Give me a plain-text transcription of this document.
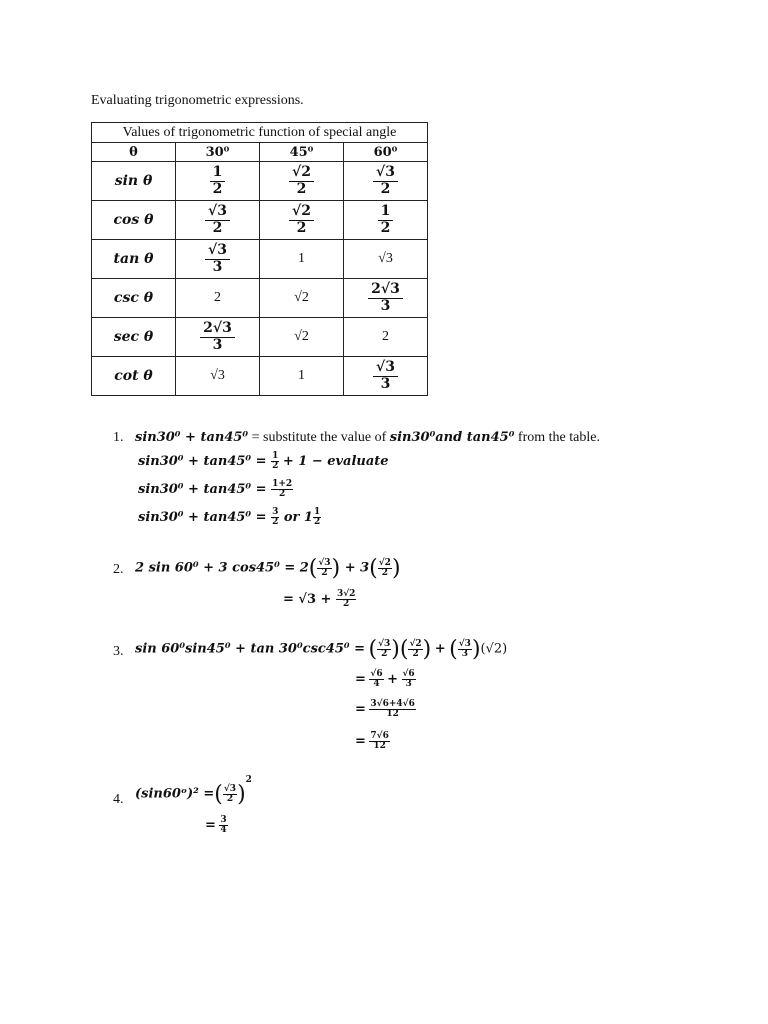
Evaluating trigonometric expressions.
Values of trigonometric function of special angle			
θ	30⁰	45⁰	60⁰
sin θ	$\frac{1}{2}$	$\frac{√2}{2}$	$\frac{√3}{2}$

cos θ	$\frac{√3}{2}$	$\frac{√2}{2}$	$\frac{1}{2}$

tan θ	$\frac{√3}{3}$	1	√3
csc θ	2	√2	$\frac{2√3}{3}$

sec θ	$\frac{2√3}{3}$	√2	2
cot θ	√3	1	$\frac{√3}{3}$
1. sin30⁰ + tan45⁰ = substitute the value of sin30⁰and tan45⁰ from the table.
$\sin 30^0 + \tan 45^0 = \frac{1}{2} + 1$ − evaluate
$\sin 30^0 + \tan 45^0 = \frac{1+2}{2}$
$\sin 30^0 + \tan 45^0 = \frac{3}{2}$ or $1 \frac{1}{2}$
2. 2 sin 60⁰ + 3 $\cos 45^0 = 2( \frac{√3}{2}$ ) + $3( \frac{√2}{2}$ )
= $√3 + \frac{3√2}{2}$
3. sin 60⁰sin45⁰ + tan 30⁰csc45⁰ = ( $\frac{√3}{2}$ )( $\frac{√2}{2}$ ) + ( $\frac{√3}{3} )(√2)$
= $\frac{√6}{4} + \frac{√6}{3}$
= $\frac{3√6+4√6}{12}$
= $\frac{7√6}{12}$
4. (sin60ᵒ)² =( $\frac{√3}{2} )^2$
= $\frac{3}{4}$
